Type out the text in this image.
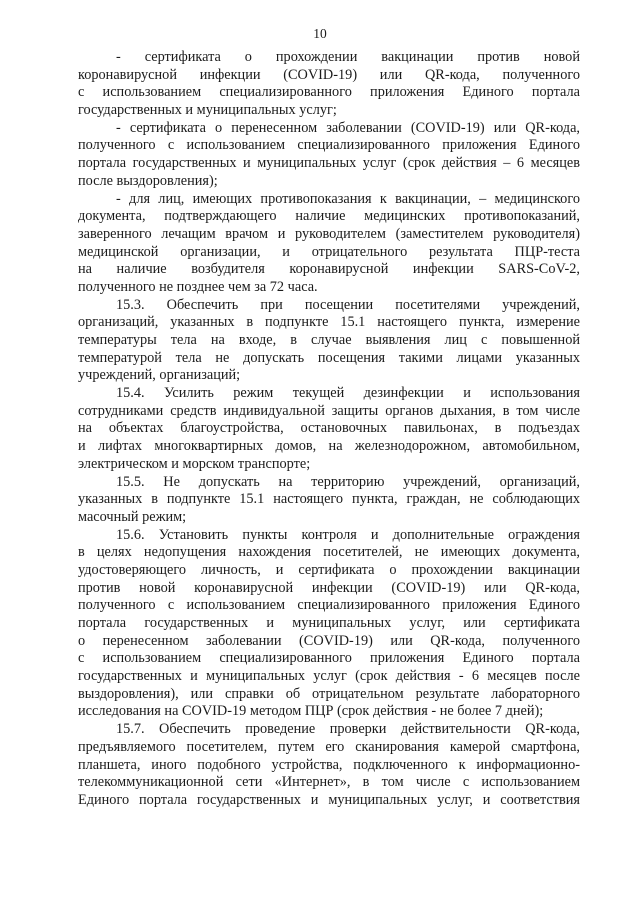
10
- сертификата о прохождении вакцинации против новой
коронавирусной инфекции (COVID-19) или QR-кода, полученного
с использованием специализированного приложения Единого портала
государственных и муниципальных услуг;
- сертификата о перенесенном заболевании (COVID-19) или QR-кода,
полученного с использованием специализированного приложения Единого
портала государственных и муниципальных услуг (срок действия – 6 месяцев
после выздоровления);
- для лиц, имеющих противопоказания к вакцинации, – медицинского
документа, подтверждающего наличие медицинских противопоказаний,
заверенного лечащим врачом и руководителем (заместителем руководителя)
медицинской организации, и отрицательного результата ПЦР-теста
на наличие возбудителя коронавирусной инфекции SARS-CoV-2,
полученного не позднее чем за 72 часа.
15.3. Обеспечить при посещении посетителями учреждений,
организаций, указанных в подпункте 15.1 настоящего пункта, измерение
температуры тела на входе, в случае выявления лиц с повышенной
температурой тела не допускать посещения такими лицами указанных
учреждений, организаций;
15.4. Усилить режим текущей дезинфекции и использования
сотрудниками средств индивидуальной защиты органов дыхания, в том числе
на объектах благоустройства, остановочных павильонах, в подъездах
и лифтах многоквартирных домов, на железнодорожном, автомобильном,
электрическом и морском транспорте;
15.5. Не допускать на территорию учреждений, организаций,
указанных в подпункте 15.1 настоящего пункта, граждан, не соблюдающих
масочный режим;
15.6. Установить пункты контроля и дополнительные ограждения
в целях недопущения нахождения посетителей, не имеющих документа,
удостоверяющего личность, и сертификата о прохождении вакцинации
против новой коронавирусной инфекции (COVID-19) или QR-кода,
полученного с использованием специализированного приложения Единого
портала государственных и муниципальных услуг, или сертификата
о перенесенном заболевании (COVID-19) или QR-кода, полученного
с использованием специализированного приложения Единого портала
государственных и муниципальных услуг (срок действия - 6 месяцев после
выздоровления), или справки об отрицательном результате лабораторного
исследования на COVID-19 методом ПЦР (срок действия - не более 7 дней);
15.7. Обеспечить проведение проверки действительности QR-кода,
предъявляемого посетителем, путем его сканирования камерой смартфона,
планшета, иного подобного устройства, подключенного к информационно-
телекоммуникационной сети «Интернет», в том числе с использованием
Единого портала государственных и муниципальных услуг, и соответствия
